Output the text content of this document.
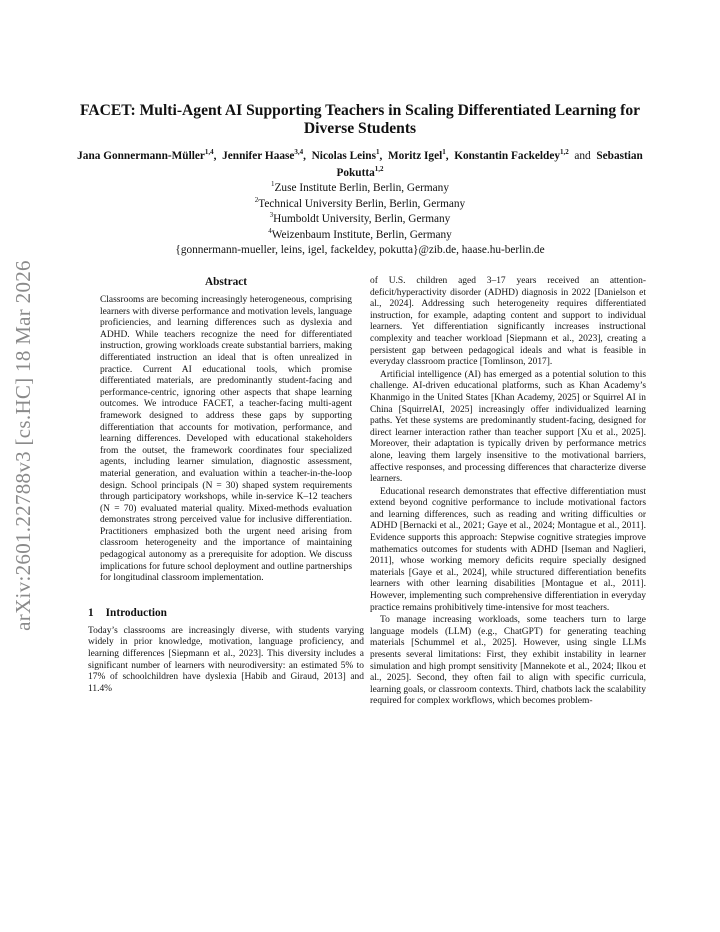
arXiv:2601.22788v3 [cs.HC] 18 Mar 2026
FACET: Multi-Agent AI Supporting Teachers in Scaling Differentiated Learning for Diverse Students
Jana Gonnermann-Müller$^{1,4}$,  Jennifer Haase$^{3,4}$,  Nicolas Leins$^1$,  Moritz Igel$^1$,  Konstantin Fackeldey$^{1,2}$ and Sebastian Pokutta$^{1,2}$
$^1$Zuse Institute Berlin, Berlin, Germany
$^2$Technical University Berlin, Berlin, Germany
$^3$Humboldt University, Berlin, Germany
$^4$Weizenbaum Institute, Berlin, Germany
{gonnermann-mueller, leins, igel, fackeldey, pokutta}@zib.de, haase.hu-berlin.de
Abstract

Classrooms are becoming increasingly heterogeneous, comprising learners with diverse performance and motivation levels, language proficiencies, and learning differences such as dyslexia and ADHD. While teachers recognize the need for differentiated instruction, growing workloads create substantial barriers, making differentiated instruction an ideal that is often unrealized in practice. Current AI educational tools, which promise differentiated materials, are predominantly student-facing and performance-centric, ignoring other aspects that shape learning outcomes. We introduce FACET, a teacher-facing multi-agent framework designed to address these gaps by supporting differentiation that accounts for motivation, performance, and learning differences. Developed with educational stakeholders from the outset, the framework coordinates four specialized agents, including learner simulation, diagnostic assessment, material generation, and evaluation within a teacher-in-the-loop design. School principals (N = 30) shaped system requirements through participatory workshops, while in-service K–12 teachers (N = 70) evaluated material quality. Mixed-methods evaluation demonstrates strong perceived value for inclusive differentiation. Practitioners emphasized both the urgent need arising from classroom heterogeneity and the importance of maintaining pedagogical autonomy as a prerequisite for adoption. We discuss implications for future school deployment and outline partnerships for longitudinal classroom implementation.

1 Introduction

Today’s classrooms are increasingly diverse, with students varying widely in prior knowledge, motivation, language proficiency, and learning differences [Siepmann et al., 2023]. This diversity includes a significant number of learners with neurodiversity: an estimated 5% to 17% of schoolchildren have dyslexia [Habib and Giraud, 2013] and 11.4%

of U.S. children aged 3–17 years received an attention-deficit/hyperactivity disorder (ADHD) diagnosis in 2022 [Danielson et al., 2024]. Addressing such heterogeneity requires differentiated instruction, for example, adapting content and support to individual learners. Yet differentiation significantly increases instructional complexity and teacher workload [Siepmann et al., 2023], creating a persistent gap between pedagogical ideals and what is feasible in everyday classroom practice [Tomlinson, 2017].

Artificial intelligence (AI) has emerged as a potential solution to this challenge. AI-driven educational platforms, such as Khan Academy’s Khanmigo in the United States [Khan Academy, 2025] or Squirrel AI in China [SquirrelAI, 2025] increasingly offer individualized learning paths. Yet these systems are predominantly student-facing, designed for direct learner interaction rather than teacher support [Xu et al., 2025]. Moreover, their adaptation is typically driven by performance metrics alone, leaving them largely insensitive to the motivational barriers, affective responses, and processing differences that characterize diverse learners.

Educational research demonstrates that effective differentiation must extend beyond cognitive performance to include motivational factors and learning differences, such as reading and writing difficulties or ADHD [Bernacki et al., 2021; Gaye et al., 2024; Montague et al., 2011]. Evidence supports this approach: Stepwise cognitive strategies improve mathematics outcomes for students with ADHD [Iseman and Naglieri, 2011], whose working memory deficits require specially designed materials [Gaye et al., 2024], while structured differentiation benefits learners with other learning disabilities [Montague et al., 2011]. However, implementing such comprehensive differentiation in everyday practice remains prohibitively time-intensive for most teachers.

To manage increasing workloads, some teachers turn to large language models (LLM) (e.g., ChatGPT) for generating teaching materials [Schummel et al., 2025]. However, using single LLMs presents several limitations: First, they exhibit instability in learner simulation and high prompt sensitivity [Mannekote et al., 2024; Ilkou et al., 2025]. Second, they often fail to align with specific curricula, learning goals, or classroom contexts. Third, chatbots lack the scalability required for complex workflows, which becomes problem-
